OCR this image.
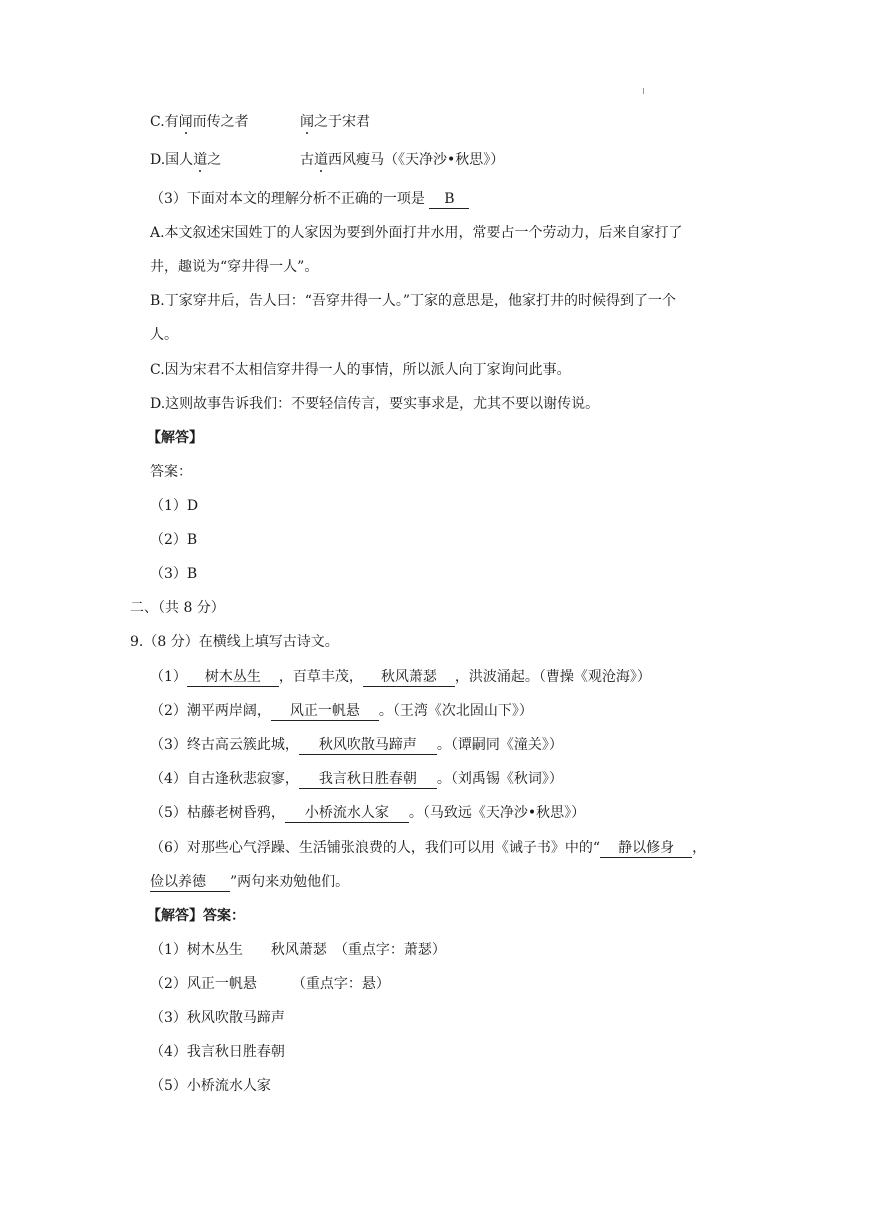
C.有闻而传之者	闻之于宋君
D.国人道之	古道西风瘦马（《天净沙•秋思》）
（3）下面对本文的理解分析不正确的一项是 B
A.本文叙述宋国姓丁的人家因为要到外面打井水用，常要占一个劳动力，后来自家打了
井，趣说为“穿井得一人”。
B.丁家穿井后，告人曰：“吾穿井得一人。”丁家的意思是，他家打井的时候得到了一个
人。
C.因为宋君不太相信穿井得一人的事情，所以派人向丁家询问此事。
D.这则故事告诉我们：不要轻信传言，要实事求是，尤其不要以谢传说。
【解答】
答案：
（1）D
（2）B
（3）B
二、（共 8 分）
9.（8 分）在横线上填写古诗文。
（1） 树木丛生 ，百草丰茂， 秋风萧瑟 ，洪波涌起。（曹操《观沧海》）
（2）潮平两岸阔， 风正一帆悬 。（王湾《次北固山下》）
（3）终古高云簇此城， 秋风吹散马蹄声 。（谭嗣同《潼关》）
（4）自古逢秋悲寂寥， 我言秋日胜春朝 。（刘禹锡《秋词》）
（5）枯藤老树昏鸦， 小桥流水人家 。（马致远《天净沙•秋思》）
（6）对那些心气浮躁、生活铺张浪费的人，我们可以用《诫子书》中的“ 静以修身 ，
俭以养德 ”两句来劝勉他们。
【解答】答案：
（1）树木丛生　　秋风萧瑟　（重点字：萧瑟）
（2）风正一帆悬　　　（重点字：悬）
（3）秋风吹散马蹄声
（4）我言秋日胜春朝
（5）小桥流水人家
